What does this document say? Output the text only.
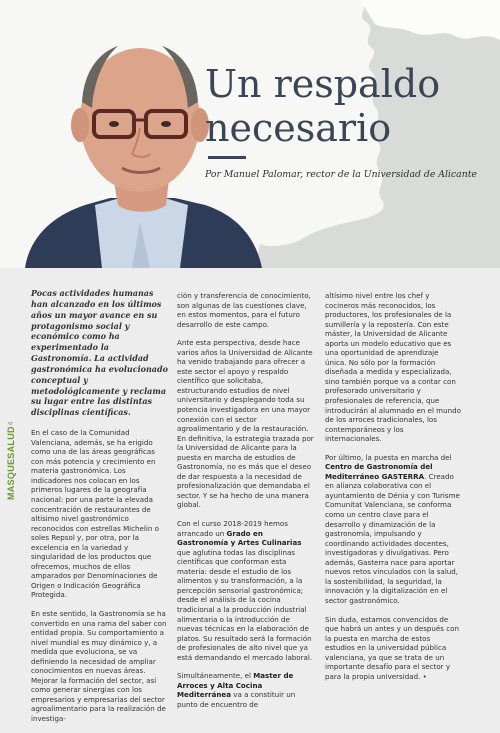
Un respaldo
necesario
Por Manuel Palomar, rector de la Universidad de Alicante
4
MASQUESALUD

Pocas actividades humanas han alcanzado en los últimos años un mayor avance en su protagonismo social y económico como ha experimentado la Gastronomía. La actividad gastronómica ha evolucionado conceptual y metodológicamente y reclama su lugar entre las distintas disciplinas científicas.

En el caso de la Comunidad Valenciana, además, se ha erigido como una de las áreas geográficas con más potencia y crecimiento en materia gastronómica. Los indicadores nos colocan en los primeros lugares de la geografía nacional: por una parte la elevada concentración de restaurantes de altísimo nivel gastronómico reconocidos con estrellas Michelin o soles Repsol y, por otra, por la excelencia en la variedad y singularidad de los productos que ofrecemos, muchos de ellos amparados por Denominaciones de Origen o Indicación Geográfica Protegida.

En este sentido, la Gastronomía se ha convertido en una rama del saber con entidad propia. Su comportamiento a nivel mundial es muy dinámico y, a medida que evoluciona, se va definiendo la necesidad de ampliar conocimientos en nuevas áreas. Mejorar la formación del sector, así como generar sinergias con los empresarios y empresarias del sector agroalimentario para la realización de investiga-

ción y transferencia de conocimiento, son algunas de las cuestiones clave, en estos momentos, para el futuro desarrollo de este campo.

Ante esta perspectiva, desde hace varios años la Universidad de Alicante ha venido trabajando para ofrecer a este sector el apoyo y respaldo científico que solicitaba, estructurando estudios de nivel universitario y desplegando toda su potencia investigadora en una mayor conexión con el sector agroalimentario y de la restauración. En definitiva, la estrategia trazada por la Universidad de Alicante para la puesta en marcha de estudios de Gastronomía, no es más que el deseo de dar respuesta a la necesidad de profesionalización que demandaba el sector. Y se ha hecho de una manera global.

Con el curso 2018-2019 hemos arrancado un Grado en Gastronomía y Artes Culinarias que aglutina todas las disciplinas científicas que conforman esta materia: desde el estudio de los alimentos y su transformación, a la percepción sensorial gastronómica; desde el análisis de la cocina tradicional a la producción industrial alimentaria o la introducción de nuevas técnicas en la elaboración de platos. Su resultado será la formación de profesionales de alto nivel que ya está demandando el mercado laboral.

Simultáneamente, el Master de Arroces y Alta Cocina Mediterránea va a constituir un punto de encuentro de

altísimo nivel entre los chef y cocineros más reconocidos, los productores, los profesionales de la sumillería y la repostería. Con este máster, la Universidad de Alicante aporta un modelo educativo que es una oportunidad de aprendizaje única. No sólo por la formación diseñada a medida y especializada, sino también porque va a contar con profesorado universitario y profesionales de referencia, que introducirán al alumnado en el mundo de los arroces tradicionales, los contemporáneos y los internacionales.

Por último, la puesta en marcha del Centro de Gastronomía del Mediterráneo GASTERRA. Creado en alianza colaborativa con el ayuntamiento de Dénia y con Turisme Comunitat Valenciana, se conforma como un centro clave para el desarrollo y dinamización de la gastronomía, impulsando y coordinando actividades docentes, investigadoras y divulgativas. Pero además, Gasterra nace para aportar nuevos retos vinculados con la salud, la sostenibilidad, la seguridad, la innovación y la digitalización en el sector gastronómico.

Sin duda, estamos convencidos de que habrá un antes y un después con la puesta en marcha de estos estudios en la universidad pública valenciana, ya que se trata de un importante desafío para el sector y para la propia universidad. •
